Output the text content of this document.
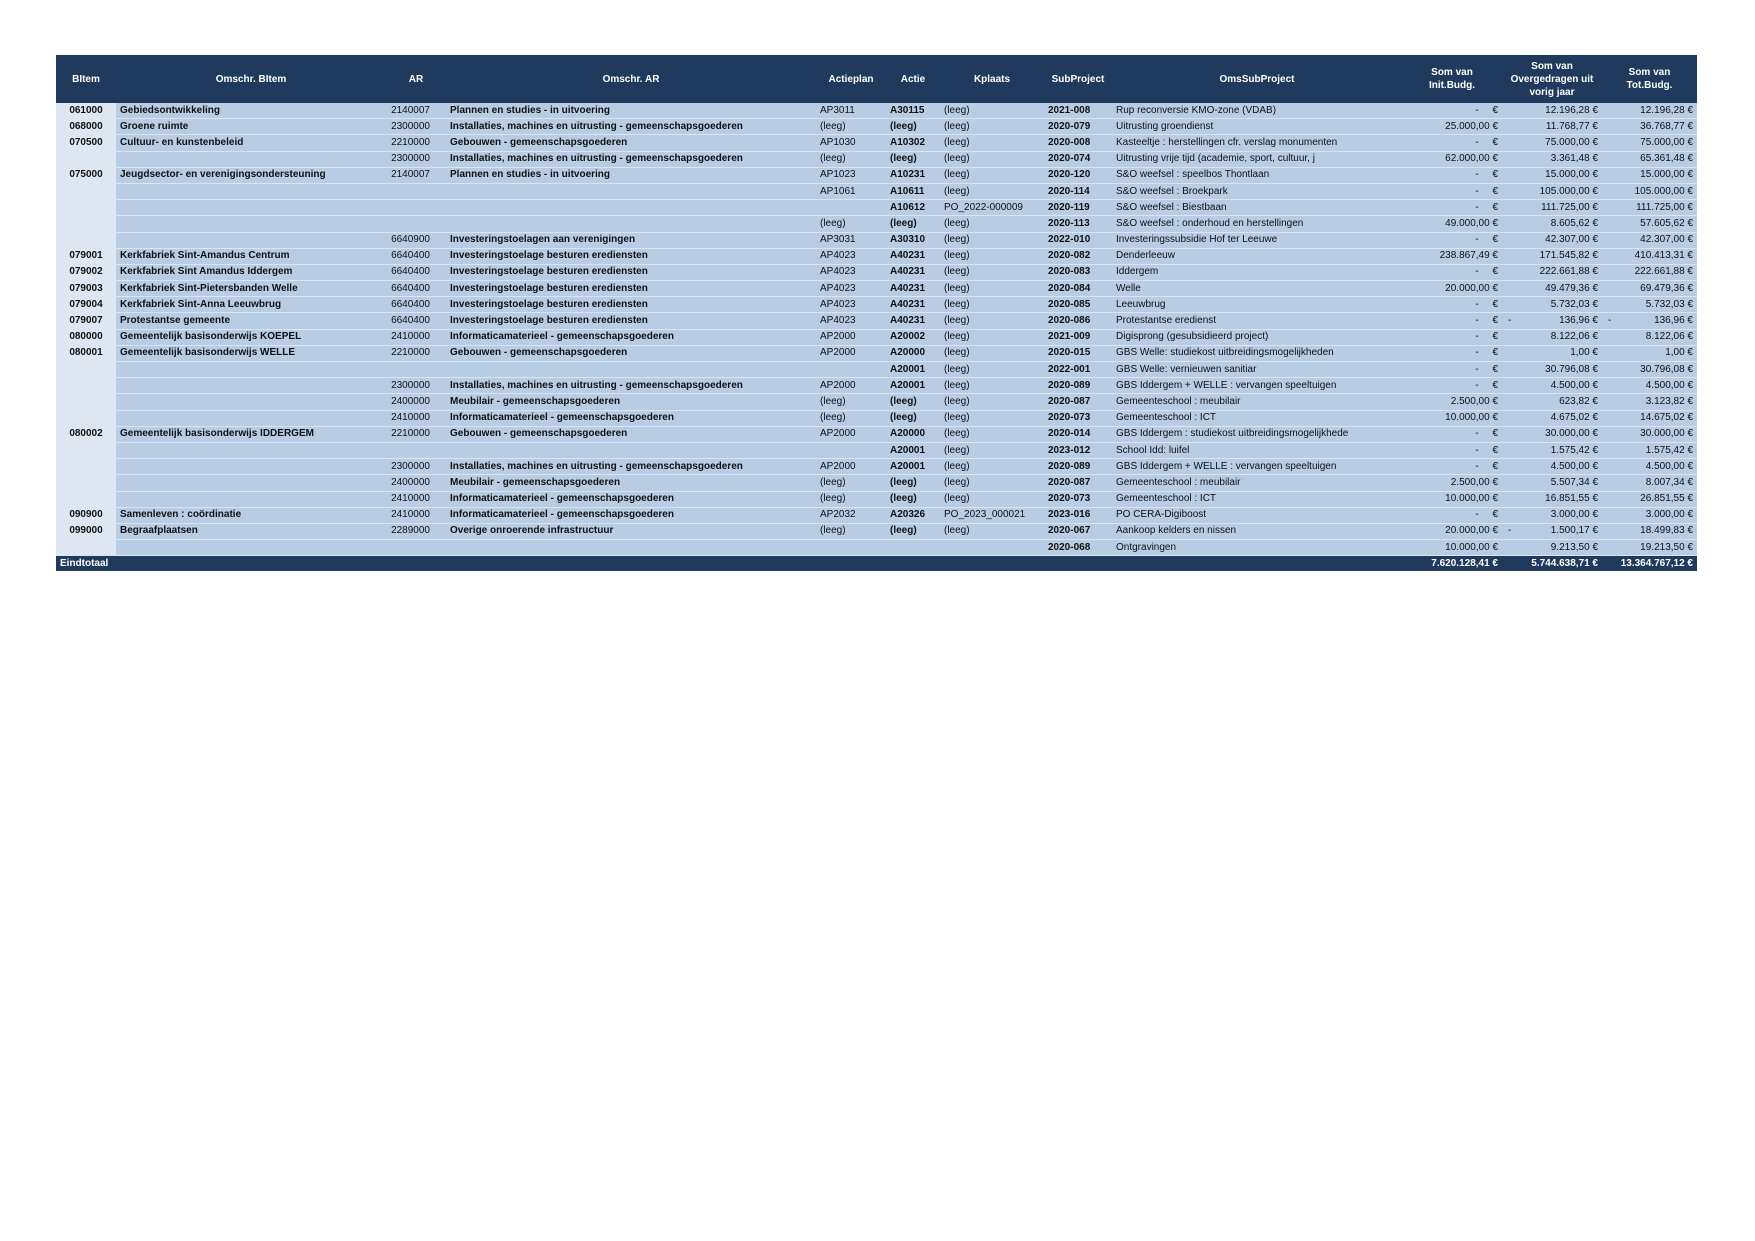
BItem	Omschr. BItem	AR	Omschr. AR	Actieplan	Actie	Kplaats	SubProject	OmsSubProject	Som van
Init.Budg.	Som van
Overgedragen uit
vorig jaar	Som van
Tot.Budg.
061000	Gebiedsontwikkeling	2140007	Plannen en studies - in uitvoering	AP3011	A30115	(leeg)	2021-008	Rup reconversie KMO-zone (VDAB)	- €	12.196,28 €	12.196,28 €
068000	Groene ruimte	2300000	Installaties, machines en uitrusting - gemeenschapsgoederen	(leeg)	(leeg)	(leeg)	2020-079	Uitrusting groendienst	25.000,00 €	11.768,77 €	36.768,77 €
070500	Cultuur- en kunstenbeleid	2210000	Gebouwen - gemeenschapsgoederen	AP1030	A10302	(leeg)	2020-008	Kasteeltje : herstellingen cfr. verslag monumenten	- €	75.000,00 €	75.000,00 €
		2300000	Installaties, machines en uitrusting - gemeenschapsgoederen	(leeg)	(leeg)	(leeg)	2020-074	Uitrusting vrije tijd (academie, sport, cultuur, j	62.000,00 €	3.361,48 €	65.361,48 €
075000	Jeugdsector- en verenigingsondersteuning	2140007	Plannen en studies - in uitvoering	AP1023	A10231	(leeg)	2020-120	S&O weefsel : speelbos Thontlaan	- €	15.000,00 €	15.000,00 €
				AP1061	A10611	(leeg)	2020-114	S&O weefsel : Broekpark	- €	105.000,00 €	105.000,00 €
					A10612	PO_2022-000009	2020-119	S&O weefsel : Biestbaan	- €	111.725,00 €	111.725,00 €
				(leeg)	(leeg)	(leeg)	2020-113	S&O weefsel : onderhoud en herstellingen	49.000,00 €	8.605,62 €	57.605,62 €
		6640900	Investeringstoelagen aan verenigingen	AP3031	A30310	(leeg)	2022-010	Investeringssubsidie Hof ter Leeuwe	- €	42.307,00 €	42.307,00 €
079001	Kerkfabriek Sint-Amandus Centrum	6640400	Investeringstoelage besturen erediensten	AP4023	A40231	(leeg)	2020-082	Denderleeuw	238.867,49 €	171.545,82 €	410.413,31 €
079002	Kerkfabriek Sint Amandus Iddergem	6640400	Investeringstoelage besturen erediensten	AP4023	A40231	(leeg)	2020-083	Iddergem	- €	222.661,88 €	222.661,88 €
079003	Kerkfabriek Sint-Pietersbanden Welle	6640400	Investeringstoelage besturen erediensten	AP4023	A40231	(leeg)	2020-084	Welle	20.000,00 €	49.479,36 €	69.479,36 €
079004	Kerkfabriek Sint-Anna Leeuwbrug	6640400	Investeringstoelage besturen erediensten	AP4023	A40231	(leeg)	2020-085	Leeuwbrug	- €	5.732,03 €	5.732,03 €
079007	Protestantse gemeente	6640400	Investeringstoelage besturen erediensten	AP4023	A40231	(leeg)	2020-086	Protestantse eredienst	- €	- 136,96 €	- 136,96 €
080000	Gemeentelijk basisonderwijs KOEPEL	2410000	Informaticamaterieel - gemeenschapsgoederen	AP2000	A20002	(leeg)	2021-009	Digisprong (gesubsidieerd project)	- €	8.122,06 €	8.122,06 €
080001	Gemeentelijk basisonderwijs WELLE	2210000	Gebouwen - gemeenschapsgoederen	AP2000	A20000	(leeg)	2020-015	GBS Welle: studiekost uitbreidingsmogelijkheden	- €	1,00 €	1,00 €
					A20001	(leeg)	2022-001	GBS Welle: vernieuwen sanitiar	- €	30.796,08 €	30.796,08 €
		2300000	Installaties, machines en uitrusting - gemeenschapsgoederen	AP2000	A20001	(leeg)	2020-089	GBS Iddergem + WELLE : vervangen speeltuigen	- €	4.500,00 €	4.500,00 €
		2400000	Meubilair - gemeenschapsgoederen	(leeg)	(leeg)	(leeg)	2020-087	Gemeenteschool : meubilair	2.500,00 €	623,82 €	3.123,82 €
		2410000	Informaticamaterieel - gemeenschapsgoederen	(leeg)	(leeg)	(leeg)	2020-073	Gemeenteschool : ICT	10.000,00 €	4.675,02 €	14.675,02 €
080002	Gemeentelijk basisonderwijs IDDERGEM	2210000	Gebouwen - gemeenschapsgoederen	AP2000	A20000	(leeg)	2020-014	GBS Iddergem : studiekost uitbreidingsmogelijkhede	- €	30.000,00 €	30.000,00 €
					A20001	(leeg)	2023-012	School Idd: luifel	- €	1.575,42 €	1.575,42 €
		2300000	Installaties, machines en uitrusting - gemeenschapsgoederen	AP2000	A20001	(leeg)	2020-089	GBS Iddergem + WELLE : vervangen speeltuigen	- €	4.500,00 €	4.500,00 €
		2400000	Meubilair - gemeenschapsgoederen	(leeg)	(leeg)	(leeg)	2020-087	Gemeenteschool : meubilair	2.500,00 €	5.507,34 €	8.007,34 €
		2410000	Informaticamaterieel - gemeenschapsgoederen	(leeg)	(leeg)	(leeg)	2020-073	Gemeenteschool : ICT	10.000,00 €	16.851,55 €	26.851,55 €
090900	Samenleven : coördinatie	2410000	Informaticamaterieel - gemeenschapsgoederen	AP2032	A20326	PO_2023_000021	2023-016	PO CERA-Digiboost	- €	3.000,00 €	3.000,00 €
099000	Begraafplaatsen	2289000	Overige onroerende infrastructuur	(leeg)	(leeg)	(leeg)	2020-067	Aankoop kelders en nissen	20.000,00 €	- 1.500,17 €	18.499,83 €
							2020-068	Ontgravingen	10.000,00 €	9.213,50 €	19.213,50 €
Eindtotaal									7.620.128,41 €	5.744.638,71 €	13.364.767,12 €
